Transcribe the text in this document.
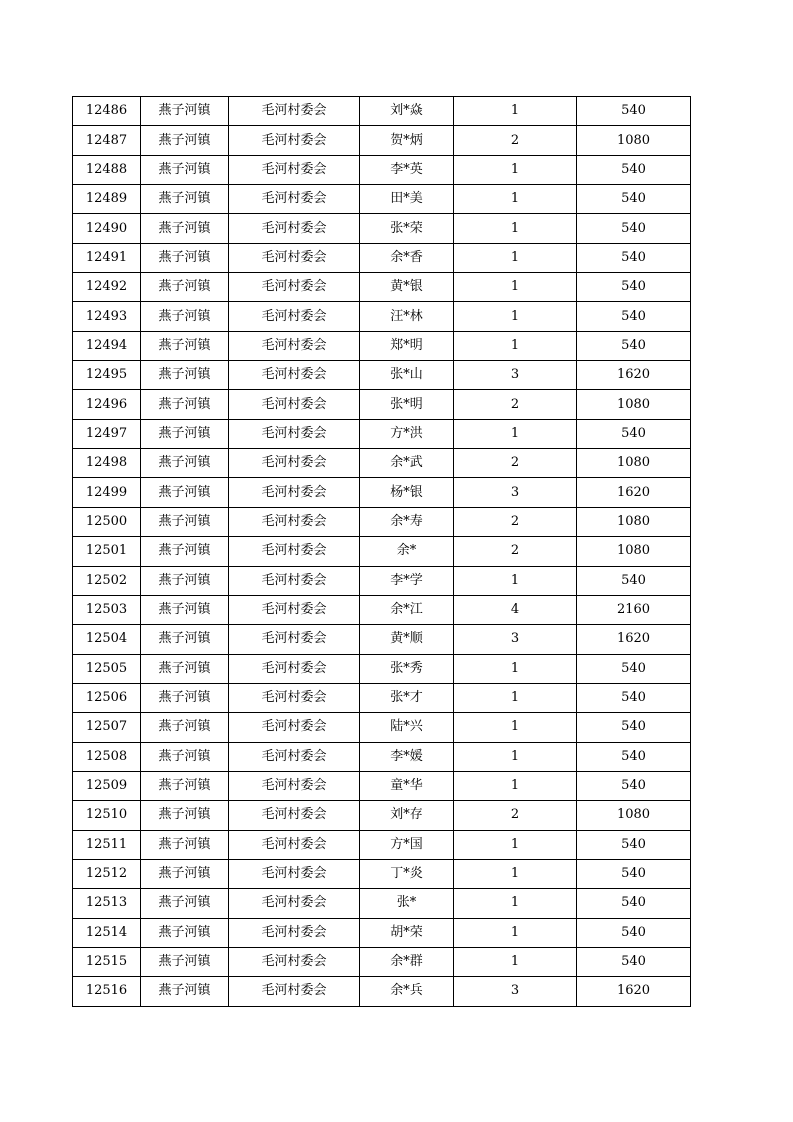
12486	燕子河镇	毛河村委会	刘*焱	1	540
12487	燕子河镇	毛河村委会	贺*炳	2	1080
12488	燕子河镇	毛河村委会	李*英	1	540
12489	燕子河镇	毛河村委会	田*美	1	540
12490	燕子河镇	毛河村委会	张*荣	1	540
12491	燕子河镇	毛河村委会	余*香	1	540
12492	燕子河镇	毛河村委会	黄*银	1	540
12493	燕子河镇	毛河村委会	汪*林	1	540
12494	燕子河镇	毛河村委会	郑*明	1	540
12495	燕子河镇	毛河村委会	张*山	3	1620
12496	燕子河镇	毛河村委会	张*明	2	1080
12497	燕子河镇	毛河村委会	方*洪	1	540
12498	燕子河镇	毛河村委会	余*武	2	1080
12499	燕子河镇	毛河村委会	杨*银	3	1620
12500	燕子河镇	毛河村委会	余*寿	2	1080
12501	燕子河镇	毛河村委会	余*	2	1080
12502	燕子河镇	毛河村委会	李*学	1	540
12503	燕子河镇	毛河村委会	余*江	4	2160
12504	燕子河镇	毛河村委会	黄*顺	3	1620
12505	燕子河镇	毛河村委会	张*秀	1	540
12506	燕子河镇	毛河村委会	张*才	1	540
12507	燕子河镇	毛河村委会	陆*兴	1	540
12508	燕子河镇	毛河村委会	李*媛	1	540
12509	燕子河镇	毛河村委会	童*华	1	540
12510	燕子河镇	毛河村委会	刘*存	2	1080
12511	燕子河镇	毛河村委会	方*国	1	540
12512	燕子河镇	毛河村委会	丁*炎	1	540
12513	燕子河镇	毛河村委会	张*	1	540
12514	燕子河镇	毛河村委会	胡*荣	1	540
12515	燕子河镇	毛河村委会	余*群	1	540
12516	燕子河镇	毛河村委会	余*兵	3	1620
